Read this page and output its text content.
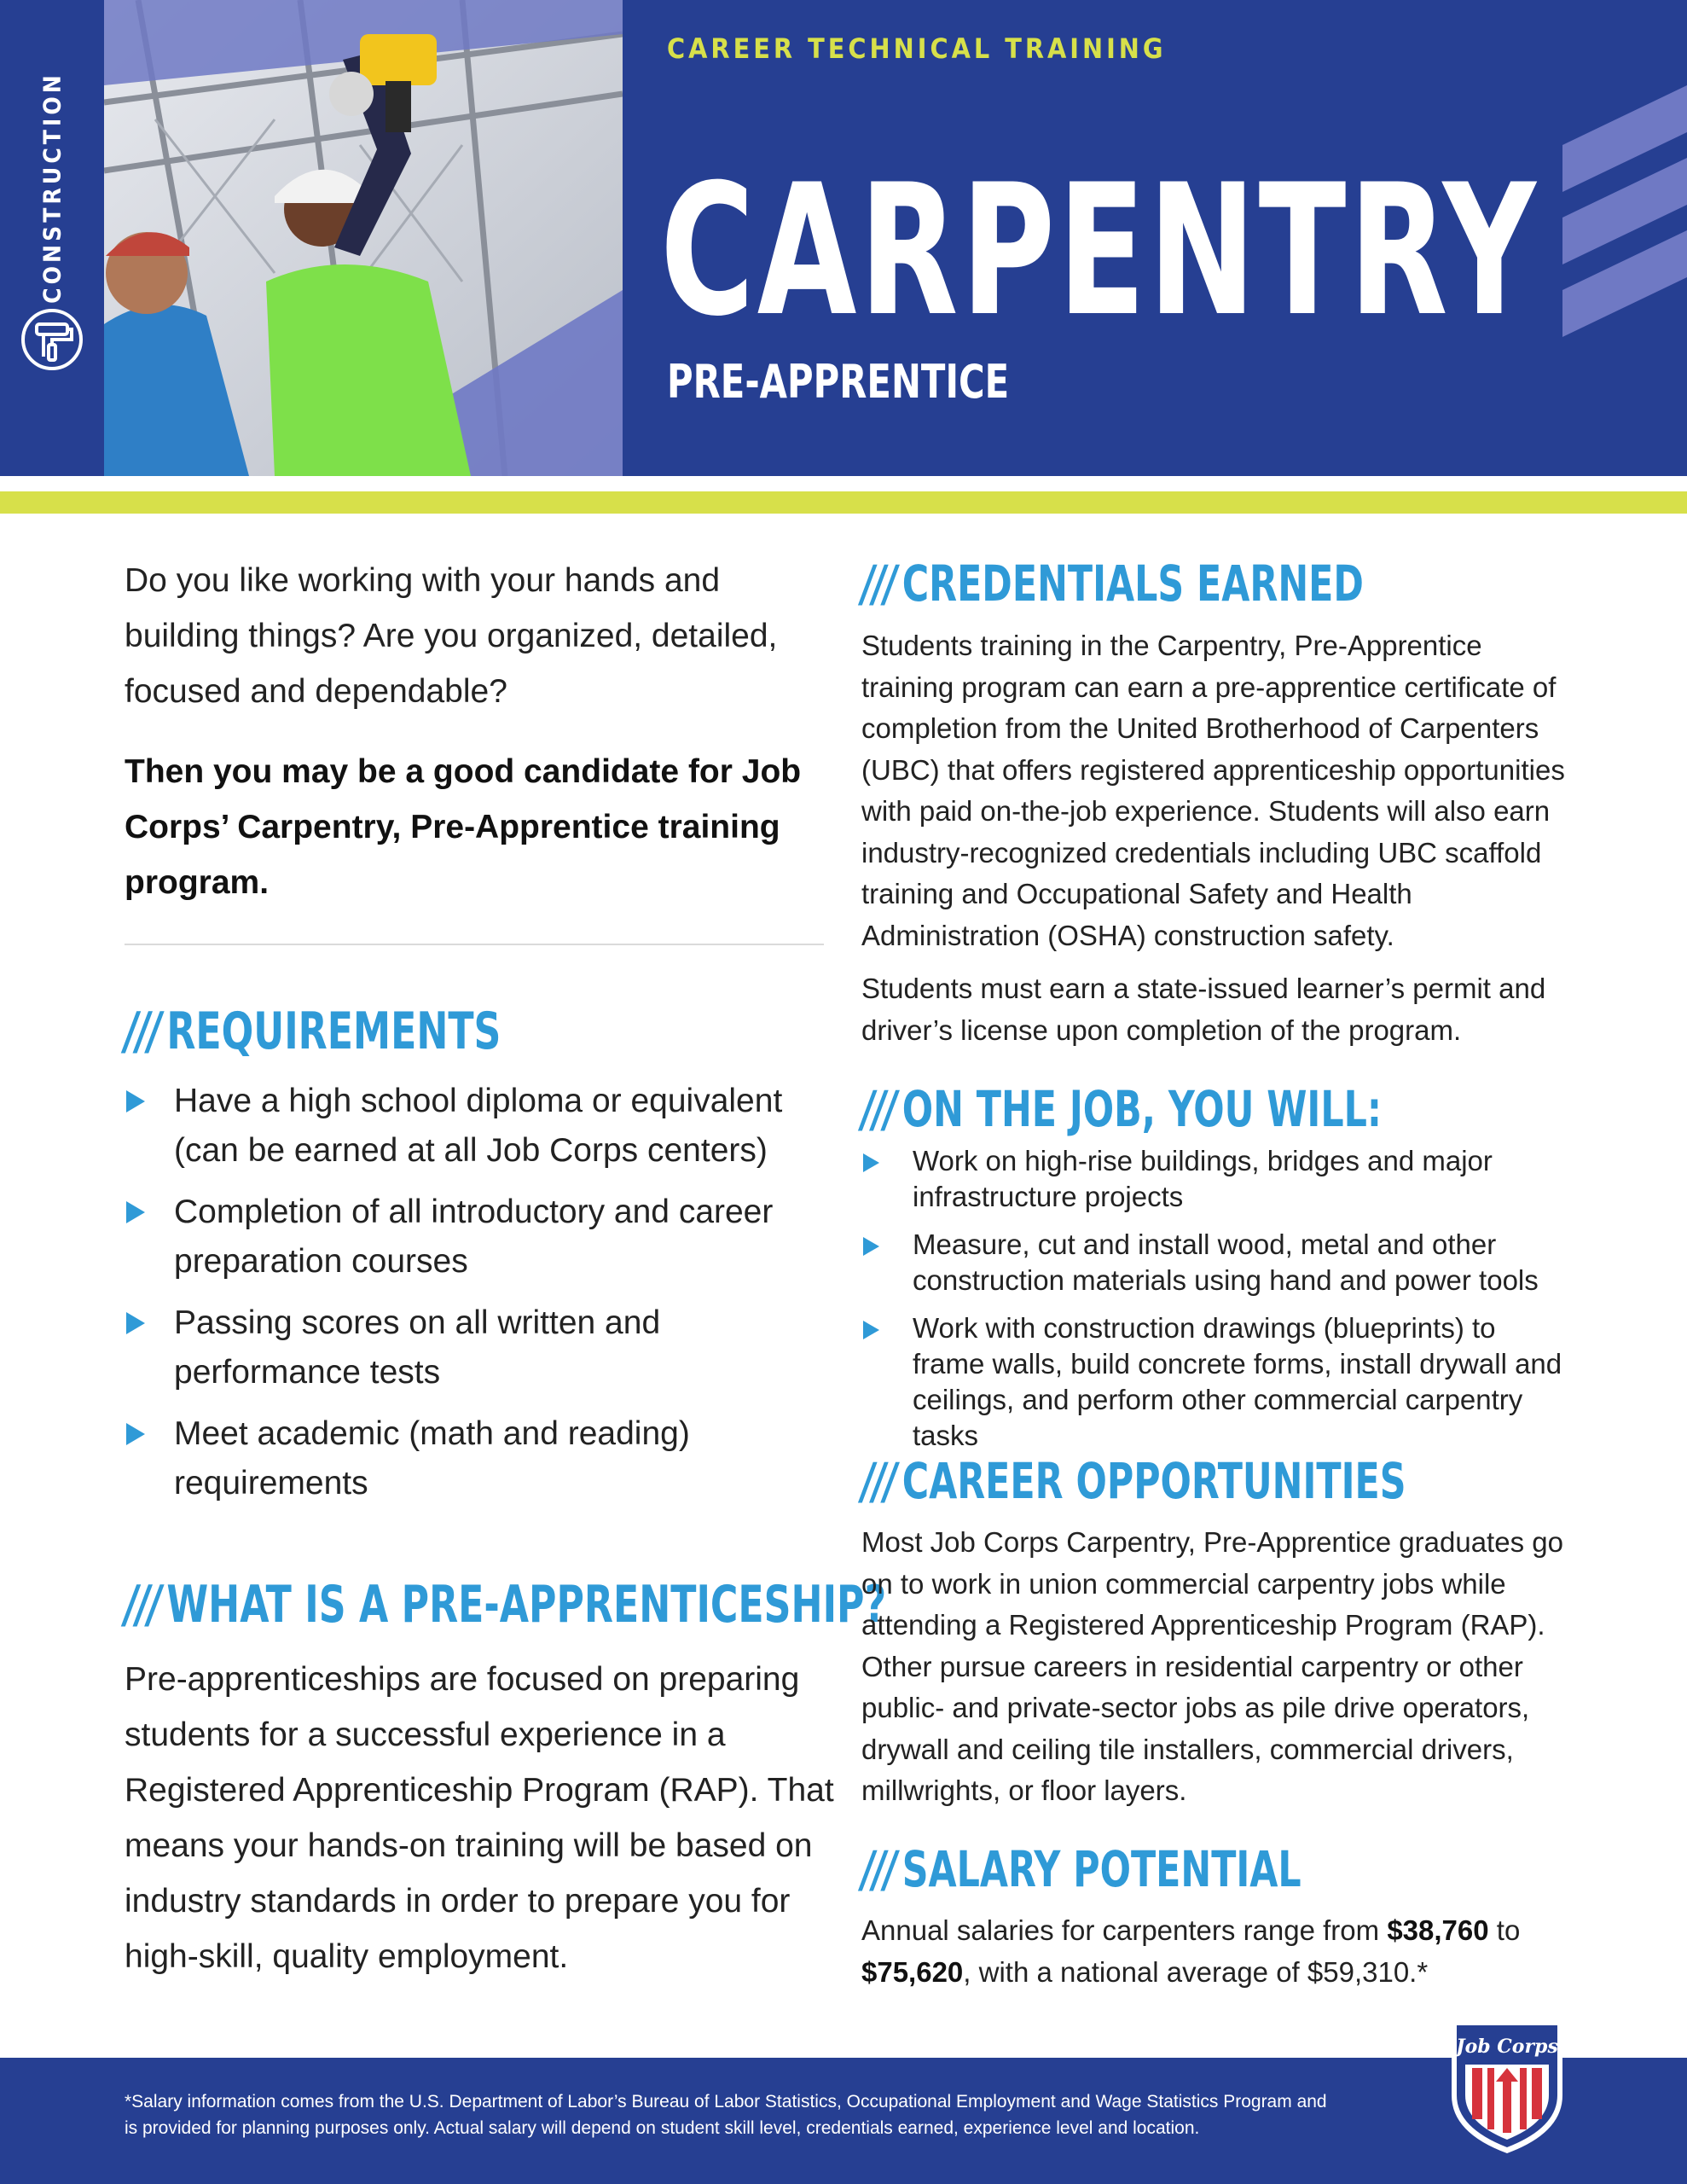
CONSTRUCTION
CAREER TECHNICAL TRAINING
CARPENTRY
PRE-APPRENTICE

Do you like working with your hands and building things? Are you organized, detailed, focused and dependable?

Then you may be a good candidate for Job Corps’ Carpentry, Pre-Apprentice training program.

/// REQUIREMENTS
Have a high school diploma or equivalent (can be earned at all Job Corps centers)
Completion of all introductory and career preparation courses
Passing scores on all written and performance tests
Meet academic (math and reading) requirements
/// WHAT IS A PRE-APPRENTICESHIP?

Pre-apprenticeships are focused on preparing students for a successful experience in a Registered Apprenticeship Program (RAP). That means your hands-on training will be based on industry standards in order to prepare you for high-skill, quality employment.

/// CREDENTIALS EARNED

Students training in the Carpentry, Pre-Apprentice training program can earn a pre-apprentice certificate of completion from the United Brotherhood of Carpenters (UBC) that offers registered apprenticeship opportunities with paid on-the-job experience. Students will also earn industry-recognized credentials including UBC scaffold training and Occupational Safety and Health Administration (OSHA) construction safety.

Students must earn a state-issued learner’s permit and driver’s license upon completion of the program.

/// ON THE JOB, YOU WILL:
Work on high-rise buildings, bridges and major infrastructure projects
Measure, cut and install wood, metal and other construction materials using hand and power tools
Work with construction drawings (blueprints) to frame walls, build concrete forms, install drywall and ceilings, and perform other commercial carpentry tasks
/// CAREER OPPORTUNITIES

Most Job Corps Carpentry, Pre-Apprentice graduates go on to work in union commercial carpentry jobs while attending a Registered Apprenticeship Program (RAP). Other pursue careers in residential carpentry or other public- and private-sector jobs as pile drive operators, drywall and ceiling tile installers, commercial drivers, millwrights, or floor layers.

/// SALARY POTENTIAL

Annual salaries for carpenters range from $38,760 to $75,620, with a national average of $59,310.*

*Salary information comes from the U.S. Department of Labor’s Bureau of Labor Statistics, Occupational Employment and Wage Statistics Program and is provided for planning purposes only. Actual salary will depend on student skill level, credentials earned, experience level and location.

Job Corps
